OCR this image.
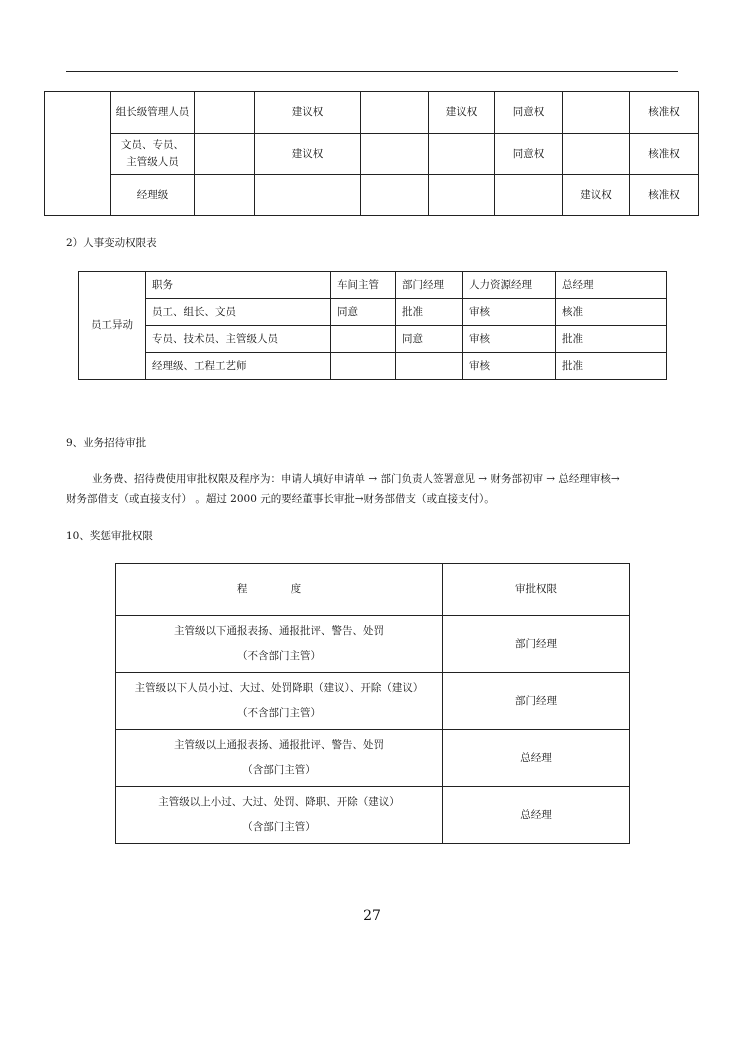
	组长级管理人员		建议权		建议权	同意权		核准权
	文员、专员、主管级人员		建议权			同意权		核准权
	经理级						建议权	核准权
2）人事变动权限表
员工异动	职务	车间主管	部门经理	人力资源经理	总经理
	员工、组长、文员	同意	批准	审核	核准
	专员、技术员、主管级人员		同意	审核	批准
	经理级、工程工艺师			审核	批准
9、业务招待审批
业务费、招待费使用审批权限及程序为：申请人填好申请单 → 部门负责人签署意见 → 财务部初审 → 总经理审核→
财务部借支（或直接支付） 。超过 2000 元的要经董事长审批→财务部借支（或直接支付）。
10、奖惩审批权限
程 度	审批权限

主管级以下通报表扬、通报批评、警告、处罚
（不含部门主管）	部门经理

主管级以下人员小过、大过、处罚降职（建议）、开除（建议）
（不含部门主管）	部门经理

主管级以上通报表扬、通报批评、警告、处罚
（含部门主管）	总经理

主管级以上小过、大过、处罚、降职、开除（建议）
（含部门主管）	总经理
27
